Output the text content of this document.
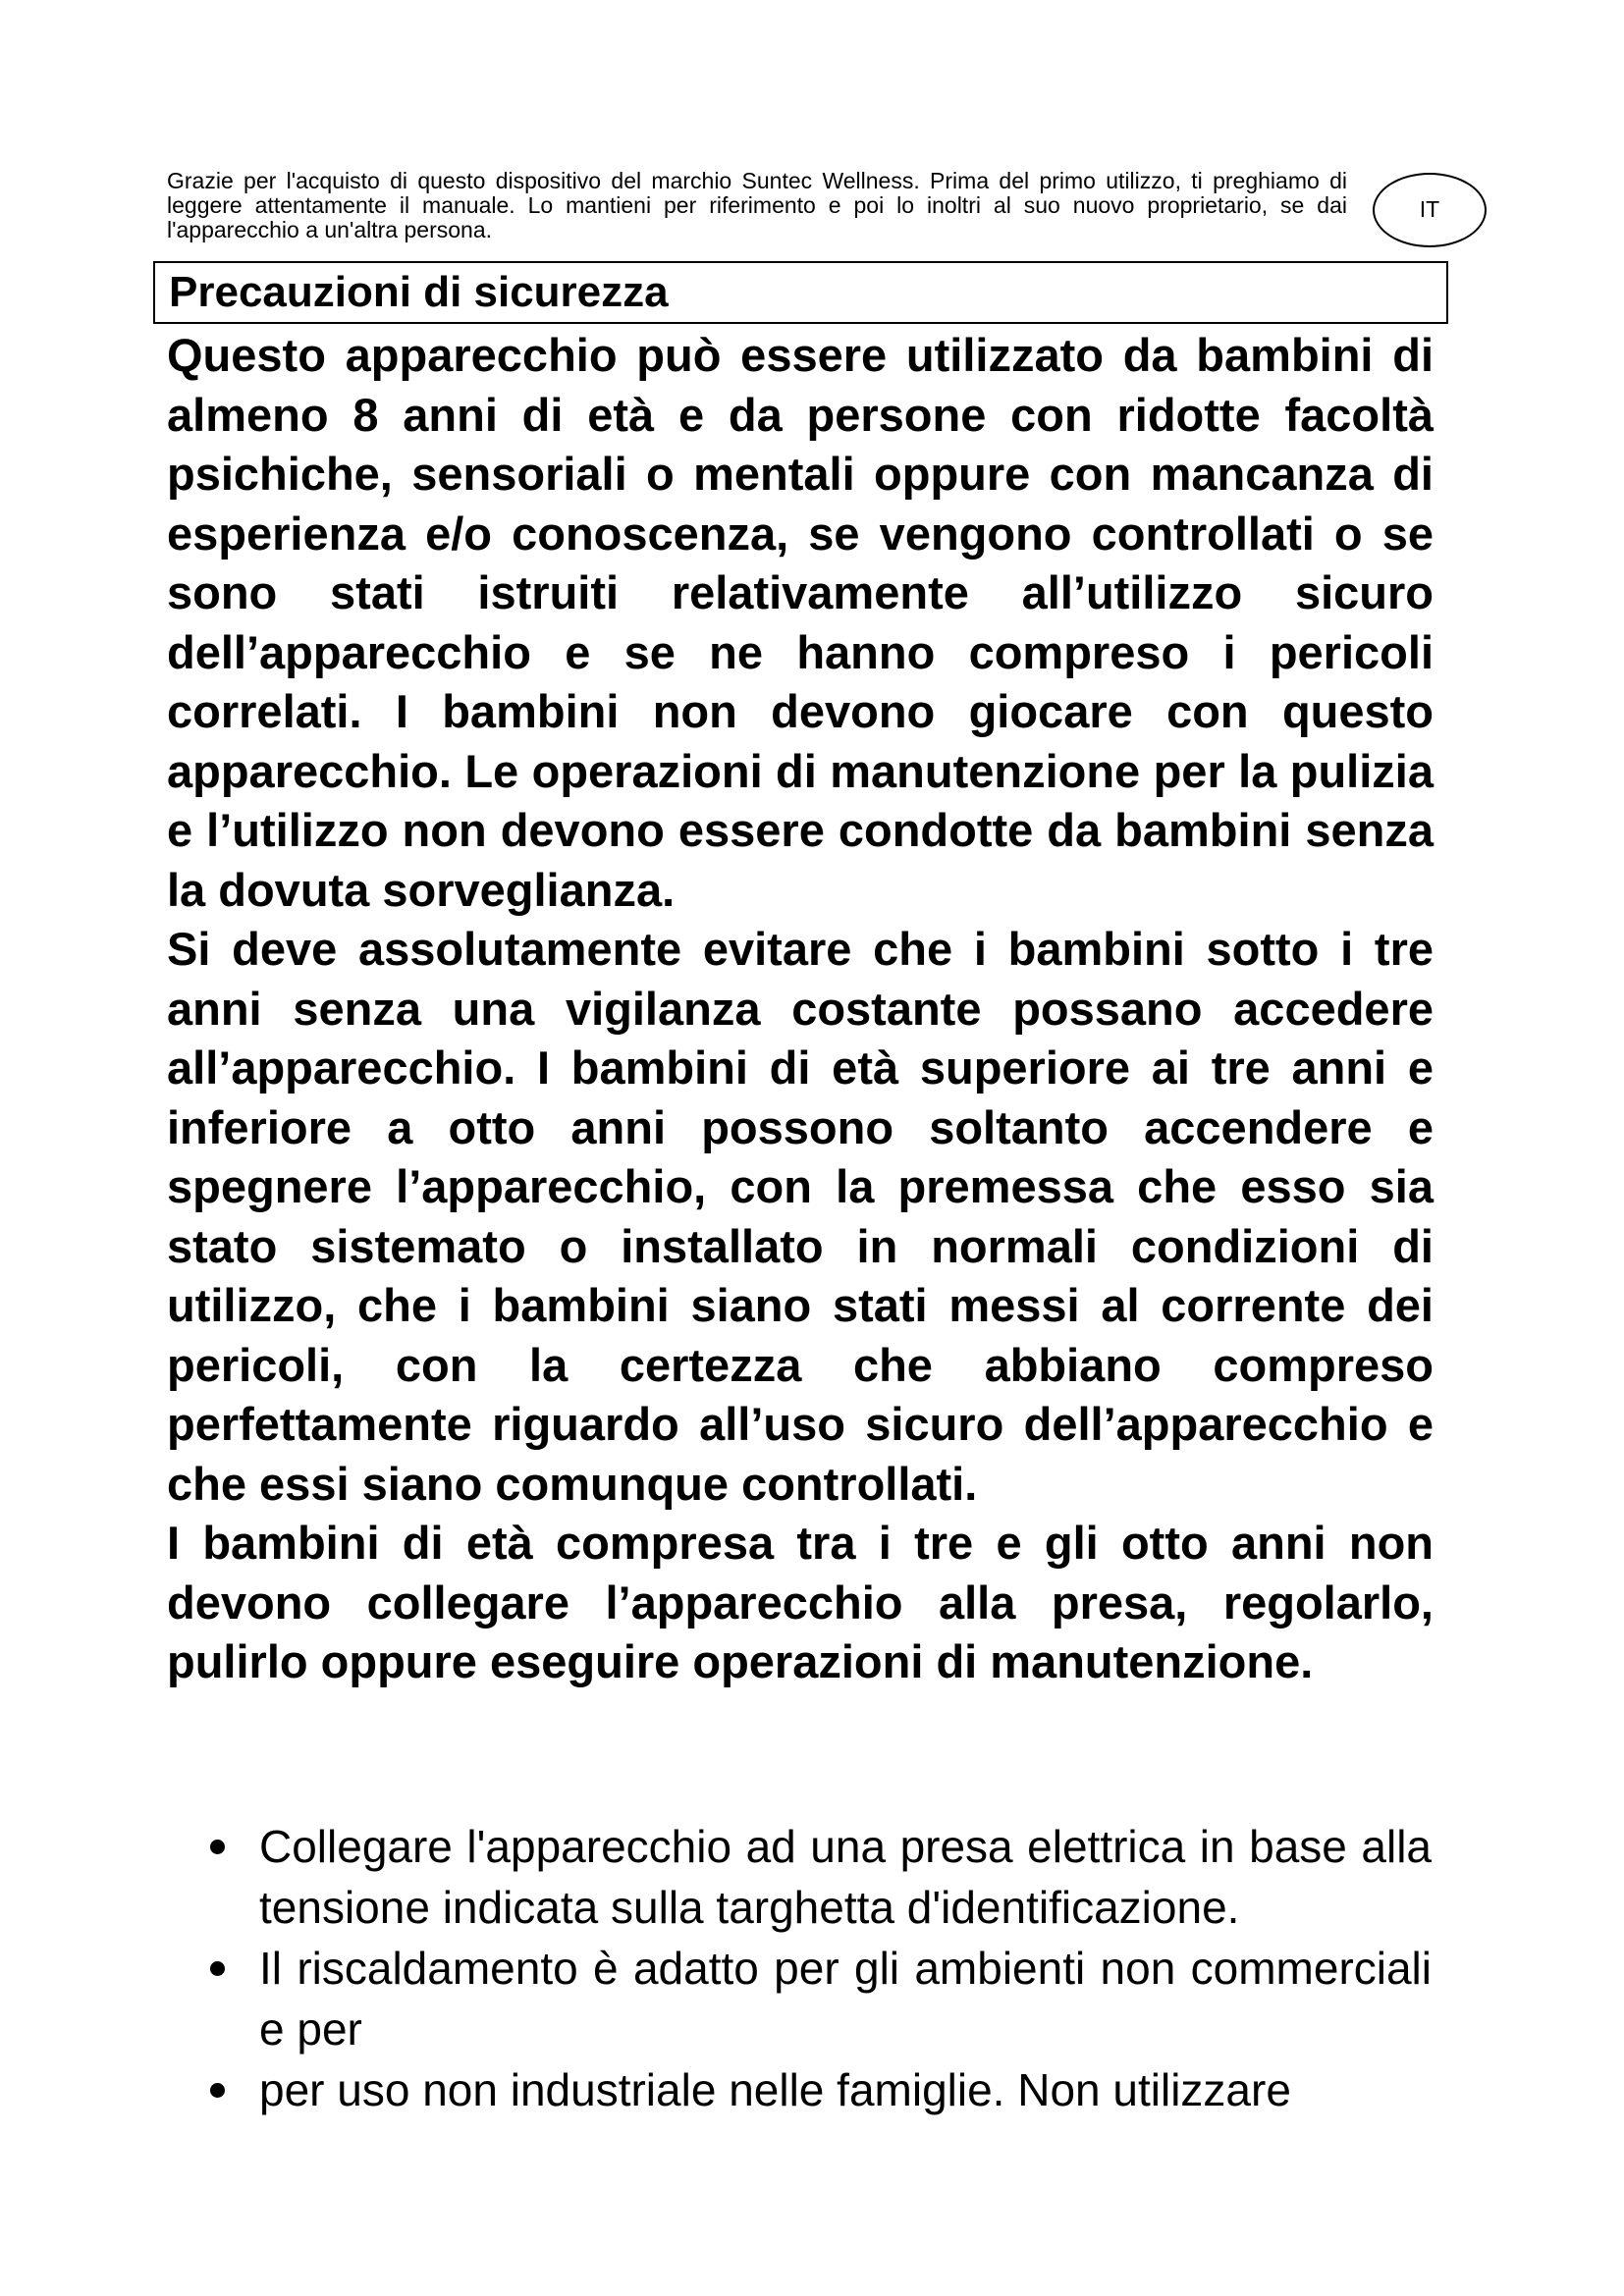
Grazie per l'acquisto di questo dispositivo del marchio Suntec Wellness. Prima del primo utilizzo, ti preghiamo di leggere attentamente il manuale. Lo mantieni per riferimento e poi lo inoltri al suo nuovo proprietario, se dai l'apparecchio a un'altra persona.

IT
Precauzioni di sicurezza

Questo apparecchio può essere utilizzato da bambini di almeno 8 anni di età e da persone con ridotte facoltà psichiche, sensoriali o mentali oppure con mancanza di esperienza e/o conoscenza, se vengono controllati o se sono stati istruiti relativamente all’utilizzo sicuro dell’apparecchio e se ne hanno compreso i pericoli correlati. I bambini non devono giocare con questo apparecchio. Le operazioni di manutenzione per la pulizia e l’utilizzo non devono essere condotte da bambini senza la dovuta sorveglianza.

Si deve assolutamente evitare che i bambini sotto i tre anni senza una vigilanza costante possano accedere all’apparecchio. I bambini di età superiore ai tre anni e inferiore a otto anni possono soltanto accendere e spegnere l’apparecchio, con la premessa che esso sia stato sistemato o installato in normali condizioni di utilizzo, che i bambini siano stati messi al corrente dei pericoli, con la certezza che abbiano compreso perfettamente riguardo all’uso sicuro dell’apparecchio e che essi siano comunque controllati.

I bambini di età compresa tra i tre e gli otto anni non devono collegare l’apparecchio alla presa, regolarlo, pulirlo oppure eseguire operazioni di manutenzione.

Collegare l'apparecchio ad una presa elettrica in base alla tensione indicata sulla targhetta d'identificazione.
Il riscaldamento è adatto per gli ambienti non commerciali e per
per uso non industriale nelle famiglie. Non utilizzare
